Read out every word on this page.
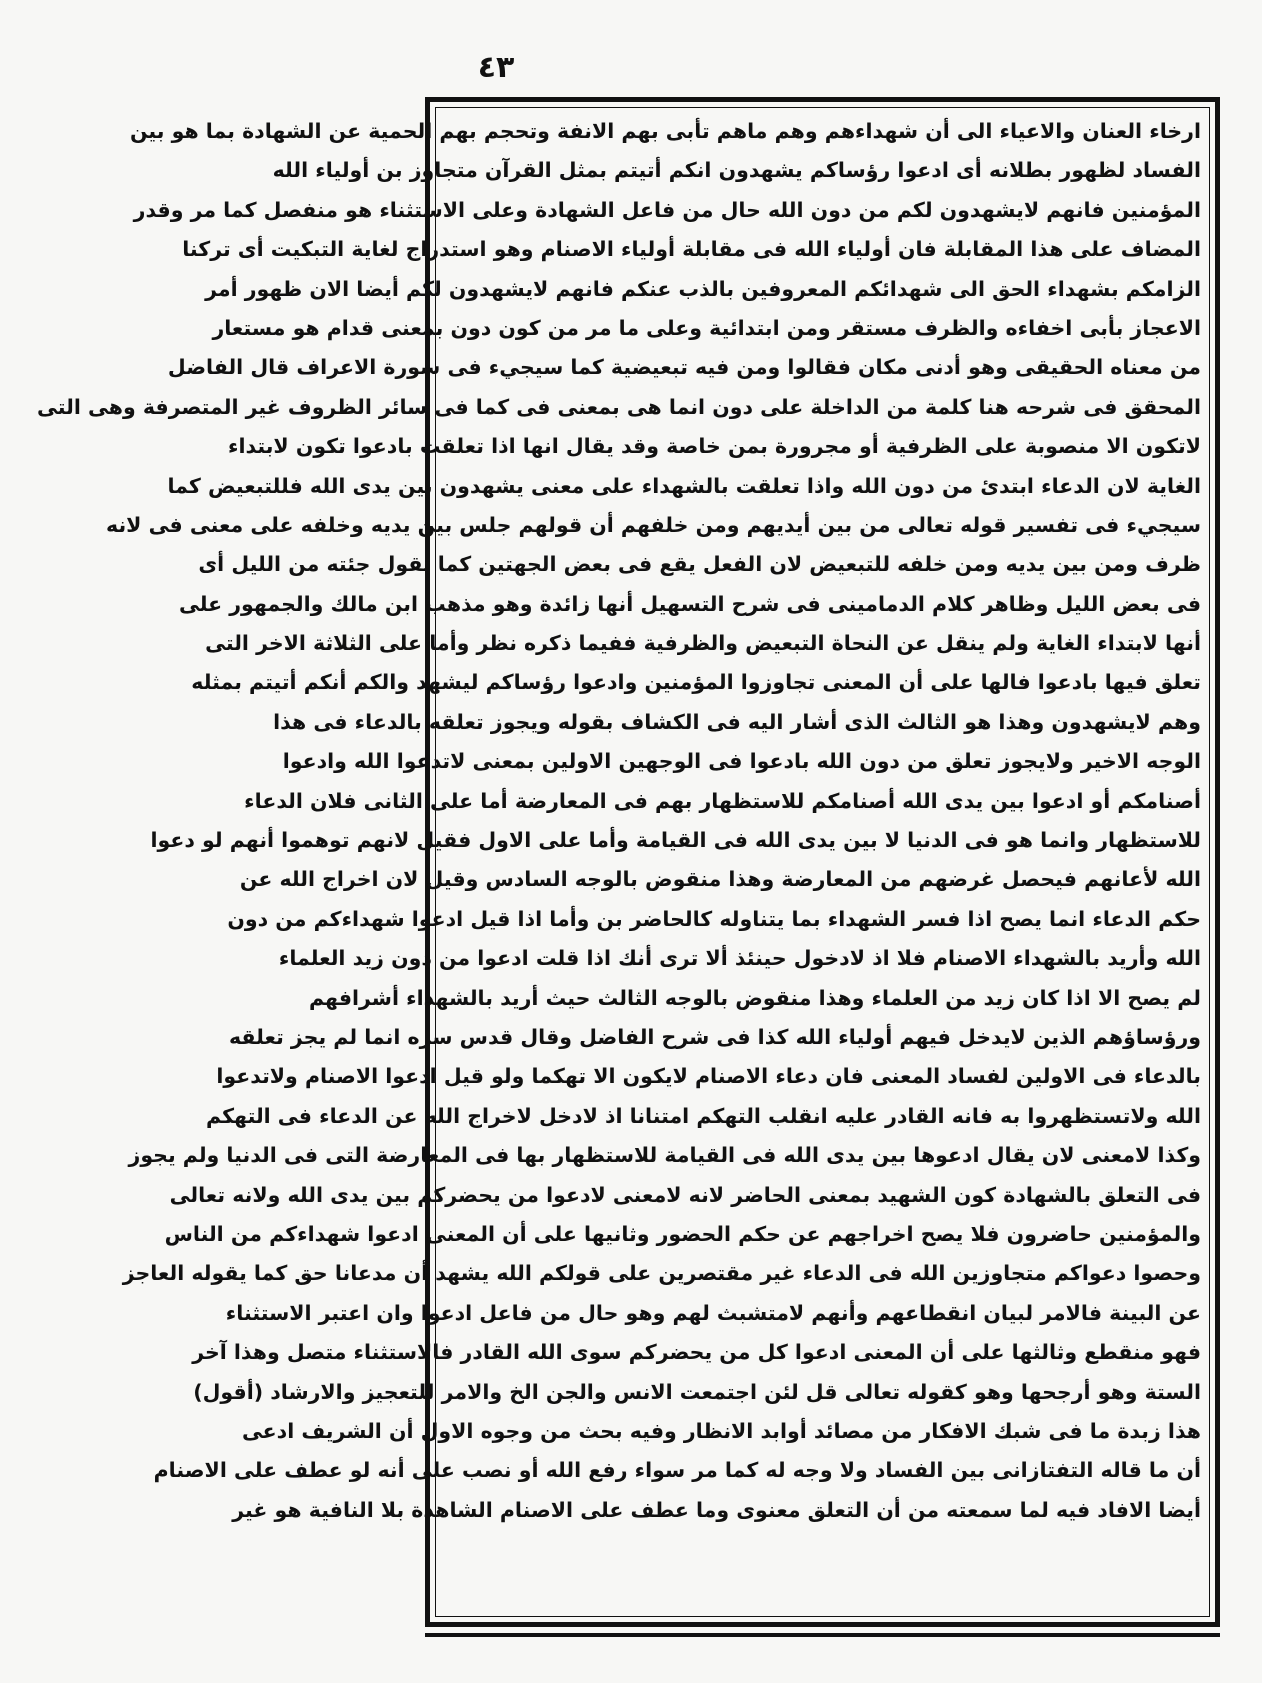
٤٣
ارخاء العنان والاعياء الى أن شهداءهم وهم ماهم تأبى بهم الانفة وتحجم بهم الحمية عن الشهادة بما هو بين
الفساد لظهور بطلانه أى ادعوا رؤساكم يشهدون انكم أتيتم بمثل القرآن متجاوز بن أولياء الله
المؤمنين فانهم لايشهدون لكم من دون الله حال من فاعل الشهادة وعلى الاستثناء هو منفصل كما مر وقدر
المضاف على هذا المقابلة فان أولياء الله فى مقابلة أولياء الاصنام وهو استدراج لغاية التبكيت أى تركنا
الزامكم بشهداء الحق الى شهدائكم المعروفين بالذب عنكم فانهم لايشهدون لكم أيضا الان ظهور أمر
الاعجاز بأبى اخفاءه والظرف مستقر ومن ابتدائية وعلى ما مر من كون دون بمعنى قدام هو مستعار
من معناه الحقيقى وهو أدنى مكان فقالوا ومن فيه تبعيضية كما سيجيء فى سورة الاعراف قال الفاضل
المحقق فى شرحه هنا كلمة من الداخلة على دون انما هى بمعنى فى كما فى سائر الظروف غير المتصرفة وهى التى
لاتكون الا منصوبة على الظرفية أو مجرورة بمن خاصة وقد يقال انها اذا تعلقت بادعوا تكون لابتداء
الغاية لان الدعاء ابتدئ من دون الله واذا تعلقت بالشهداء على معنى يشهدون بين يدى الله فللتبعيض كما
سيجيء فى تفسير قوله تعالى من بين أيديهم ومن خلفهم أن قولهم جلس بين يديه وخلفه على معنى فى لانه
ظرف ومن بين يديه ومن خلفه للتبعيض لان الفعل يقع فى بعض الجهتين كما تقول جئته من الليل أى
فى بعض الليل وظاهر كلام الدمامينى فى شرح التسهيل أنها زائدة وهو مذهب ابن مالك والجمهور على
أنها لابتداء الغاية ولم ينقل عن النحاة التبعيض والظرفية ففيما ذكره نظر وأما على الثلاثة الاخر التى
تعلق فيها بادعوا فالها على أن المعنى تجاوزوا المؤمنين وادعوا رؤساكم ليشهد والكم أنكم أتيتم بمثله
وهم لايشهدون وهذا هو الثالث الذى أشار اليه فى الكشاف بقوله ويجوز تعلقه بالدعاء فى هذا
الوجه الاخير ولايجوز تعلق من دون الله بادعوا فى الوجهين الاولين بمعنى لاتدعوا الله وادعوا
أصنامكم أو ادعوا بين يدى الله أصنامكم للاستظهار بهم فى المعارضة أما على الثانى فلان الدعاء
للاستظهار وانما هو فى الدنيا لا بين يدى الله فى القيامة وأما على الاول فقيل لانهم توهموا أنهم لو دعوا
الله لأعانهم فيحصل غرضهم من المعارضة وهذا منقوض بالوجه السادس وقيل لان اخراج الله عن
حكم الدعاء انما يصح اذا فسر الشهداء بما يتناوله كالحاضر بن وأما اذا قيل ادعوا شهداءكم من دون
الله وأريد بالشهداء الاصنام فلا اذ لادخول حينئذ ألا ترى أنك اذا قلت ادعوا من دون زيد العلماء
لم يصح الا اذا كان زيد من العلماء وهذا منقوض بالوجه الثالث حيث أريد بالشهداء أشرافهم
ورؤساؤهم الذين لايدخل فيهم أولياء الله كذا فى شرح الفاضل وقال قدس سره انما لم يجز تعلقه
بالدعاء فى الاولين لفساد المعنى فان دعاء الاصنام لايكون الا تهكما ولو قيل ادعوا الاصنام ولاتدعوا
الله ولاتستظهروا به فانه القادر عليه انقلب التهكم امتنانا اذ لادخل لاخراج الله عن الدعاء فى التهكم
وكذا لامعنى لان يقال ادعوها بين يدى الله فى القيامة للاستظهار بها فى المعارضة التى فى الدنيا ولم يجوز
فى التعلق بالشهادة كون الشهيد بمعنى الحاضر لانه لامعنى لادعوا من يحضركم بين يدى الله ولانه تعالى
والمؤمنين حاضرون فلا يصح اخراجهم عن حكم الحضور وثانيها على أن المعنى ادعوا شهداءكم من الناس
وحصوا دعواكم متجاوزين الله فى الدعاء غير مقتصرين على قولكم الله يشهد أن مدعانا حق كما يقوله العاجز
عن البينة فالامر لبيان انقطاعهم وأنهم لامتشبث لهم وهو حال من فاعل ادعوا وان اعتبر الاستثناء
فهو منقطع وثالثها على أن المعنى ادعوا كل من يحضركم سوى الله القادر فالاستثناء متصل وهذا آخر
الستة وهو أرجحها وهو كقوله تعالى قل لئن اجتمعت الانس والجن الخ والامر للتعجيز والارشاد (أقول)
هذا زبدة ما فى شبك الافكار من مصائد أوابد الانظار وفيه بحث من وجوه الاول أن الشريف ادعى
أن ما قاله التفتازانى بين الفساد ولا وجه له كما مر سواء رفع الله أو نصب على أنه لو عطف على الاصنام
أيضا الافاد فيه لما سمعته من أن التعلق معنوى وما عطف على الاصنام الشاهدة بلا النافية هو غير
